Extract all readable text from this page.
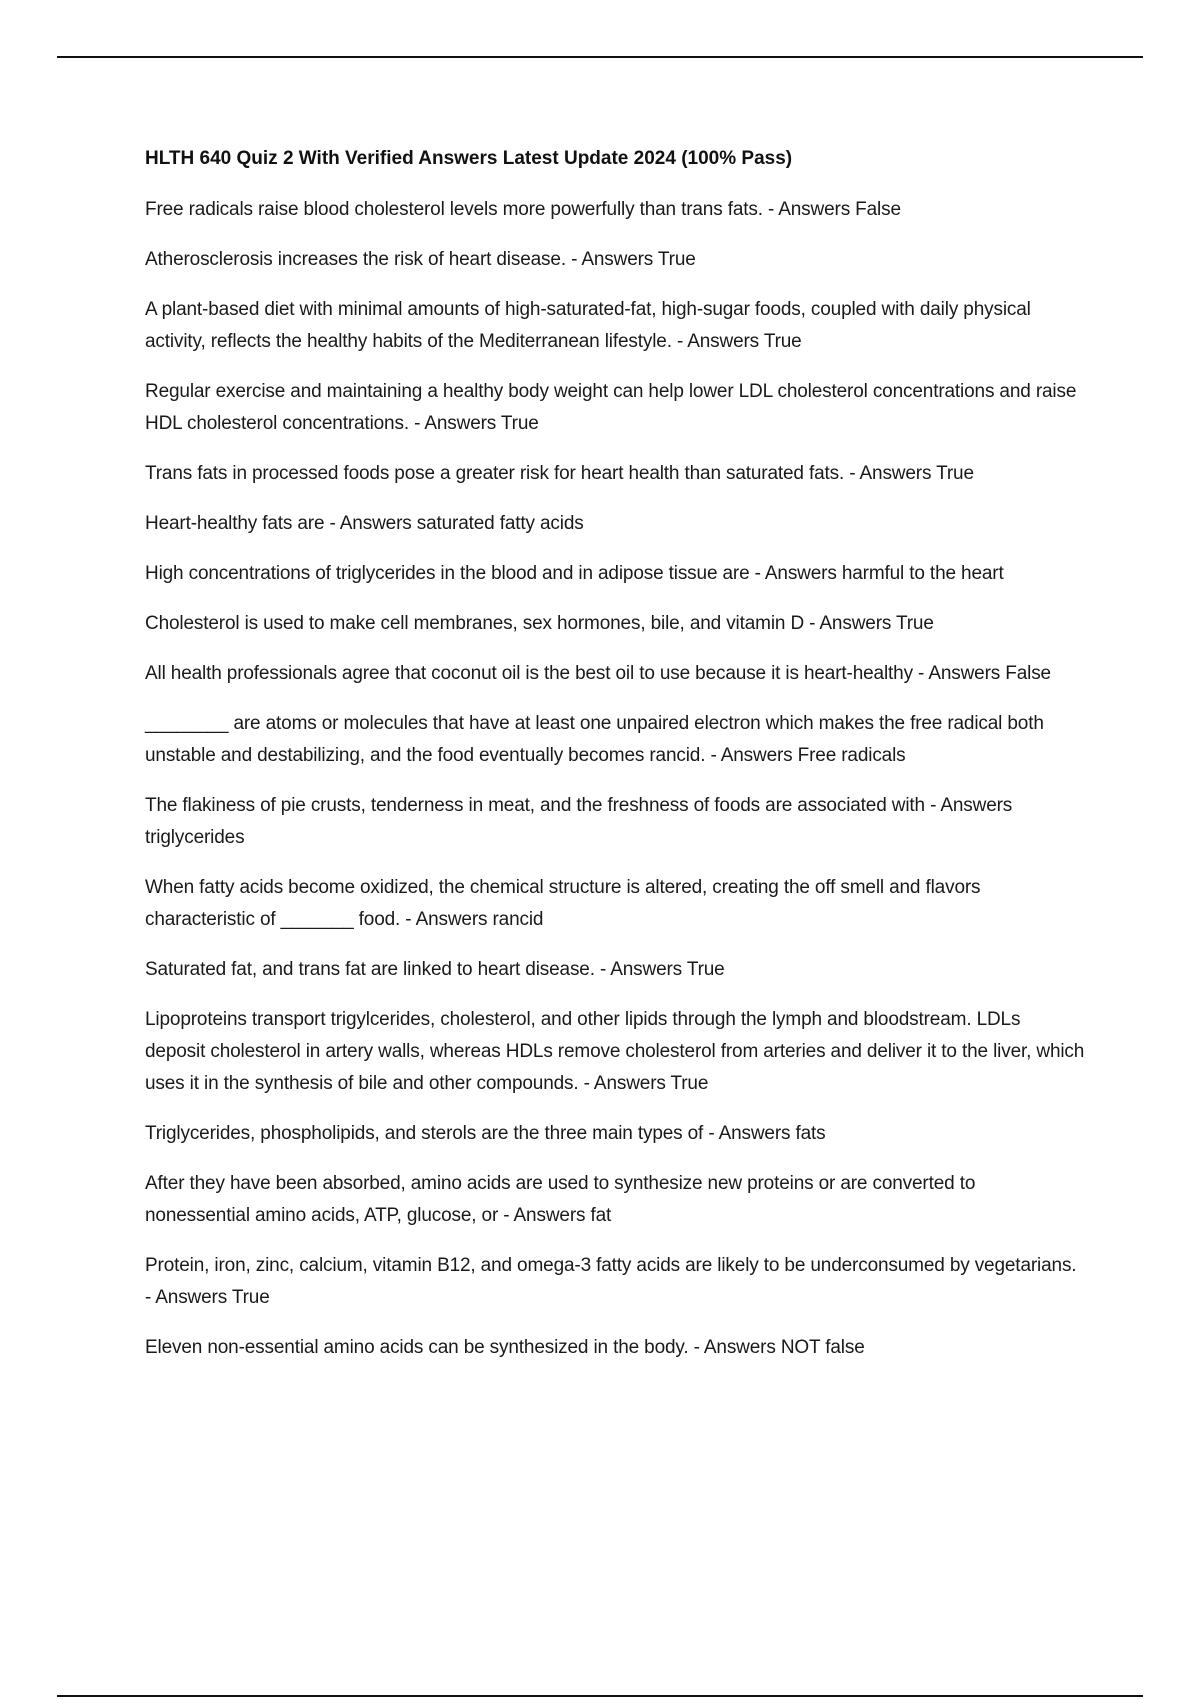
HLTH 640 Quiz 2 With Verified Answers Latest Update 2024 (100% Pass)

Free radicals raise blood cholesterol levels more powerfully than trans fats. - Answers False

Atherosclerosis increases the risk of heart disease. - Answers True

A plant-based diet with minimal amounts of high-saturated-fat, high-sugar foods, coupled with daily physical activity, reflects the healthy habits of the Mediterranean lifestyle. - Answers True

Regular exercise and maintaining a healthy body weight can help lower LDL cholesterol concentrations and raise HDL cholesterol concentrations. - Answers True

Trans fats in processed foods pose a greater risk for heart health than saturated fats. - Answers True

Heart-healthy fats are - Answers saturated fatty acids

High concentrations of triglycerides in the blood and in adipose tissue are - Answers harmful to the heart

Cholesterol is used to make cell membranes, sex hormones, bile, and vitamin D - Answers True

All health professionals agree that coconut oil is the best oil to use because it is heart-healthy - Answers False

________ are atoms or molecules that have at least one unpaired electron which makes the free radical both unstable and destabilizing, and the food eventually becomes rancid. - Answers Free radicals

The flakiness of pie crusts, tenderness in meat, and the freshness of foods are associated with - Answers triglycerides

When fatty acids become oxidized, the chemical structure is altered, creating the off smell and flavors characteristic of _______ food. - Answers rancid

Saturated fat, and trans fat are linked to heart disease. - Answers True

Lipoproteins transport trigylcerides, cholesterol, and other lipids through the lymph and bloodstream. LDLs deposit cholesterol in artery walls, whereas HDLs remove cholesterol from arteries and deliver it to the liver, which uses it in the synthesis of bile and other compounds. - Answers True

Triglycerides, phospholipids, and sterols are the three main types of - Answers fats

After they have been absorbed, amino acids are used to synthesize new proteins or are converted to nonessential amino acids, ATP, glucose, or - Answers fat

Protein, iron, zinc, calcium, vitamin B12, and omega-3 fatty acids are likely to be underconsumed by vegetarians. - Answers True

Eleven non-essential amino acids can be synthesized in the body. - Answers NOT false
